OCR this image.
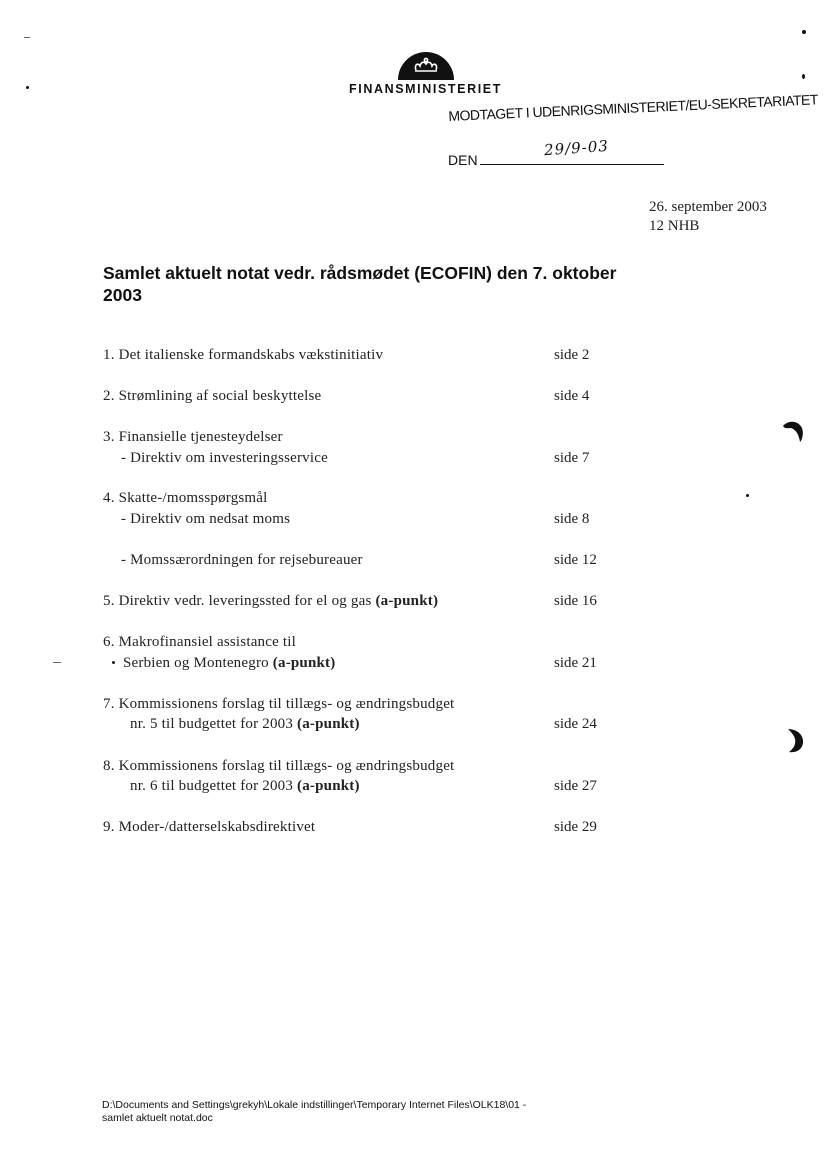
FINANSMINISTERIET
MODTAGET I UDENRIGSMINISTERIET/EU-SEKRETARIATET
DEN
29/9-03
26. september 2003
12 NHB
Samlet aktuelt notat vedr. rådsmødet (ECOFIN) den 7. oktober 2003
1. Det italienske formandskabs vækstinitiativ	side 2
2. Strømlining af social beskyttelse	side 4
3. Finansielle tjenesteydelser
- Direktiv om investeringsservice	side 7
4. Skatte-/momsspørgsmål
- Direktiv om nedsat moms	side 8
- Momssærordningen for rejsebureauer	side 12
5. Direktiv vedr. leveringssted for el og gas (a-punkt)	side 16
6. Makrofinansiel assistance til
Serbien og Montenegro (a-punkt)	side 21
7. Kommissionens forslag til tillægs- og ændringsbudget
nr. 5 til budgettet for 2003 (a-punkt)	side 24
8. Kommissionens forslag til tillægs- og ændringsbudget
nr. 6 til budgettet for 2003 (a-punkt)	side 27
9. Moder-/datterselskabsdirektivet	side 29
D:\Documents and Settings\grekyh\Lokale indstillinger\Temporary Internet Files\OLK18\01 -
samlet aktuelt notat.doc
